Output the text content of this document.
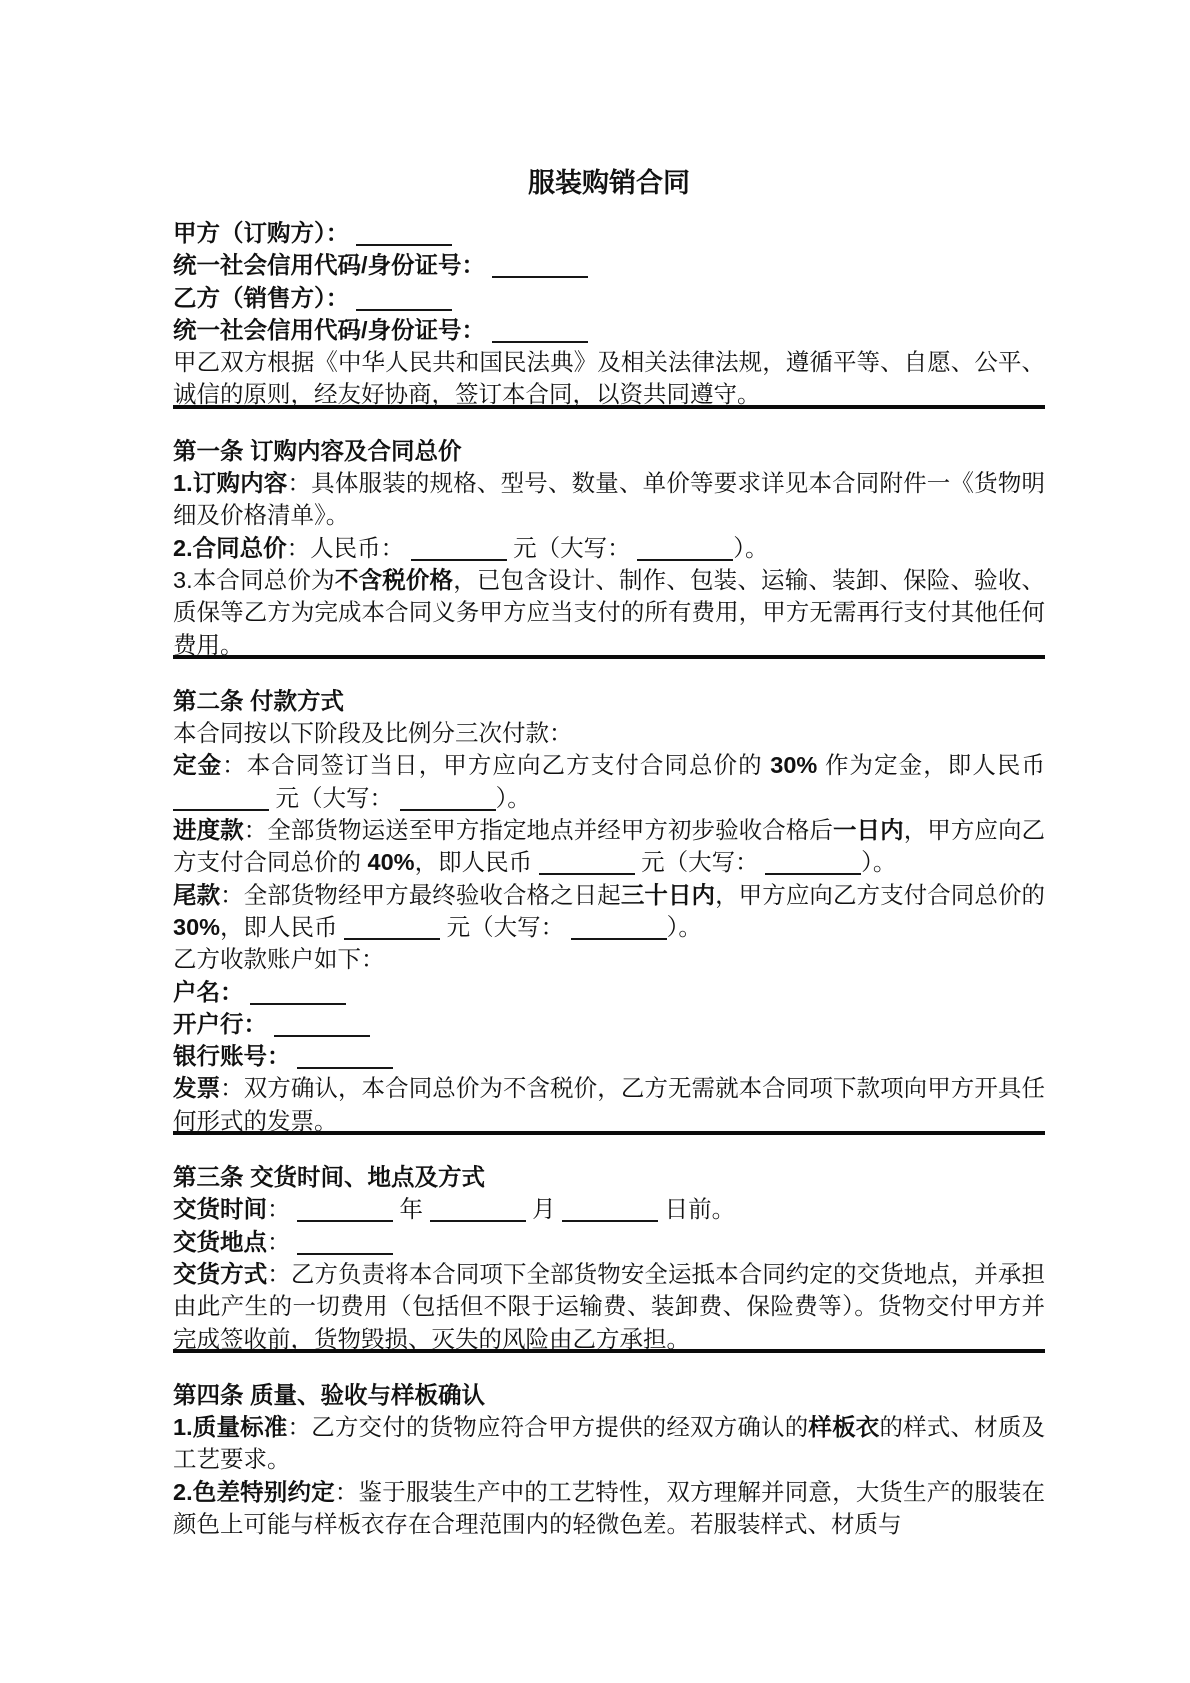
服装购销合同
甲方（订购方）：
统一社会信用代码/身份证号：
乙方（销售方）：
统一社会信用代码/身份证号：
甲乙双方根据《中华人民共和国民法典》及相关法律法规，遵循平等、自愿、公平、诚信的原则，经友好协商，签订本合同，以资共同遵守。
第一条 订购内容及合同总价
1.订购内容：具体服装的规格、型号、数量、单价等要求详见本合同附件一《货物明细及价格清单》。
2.合同总价：人民币：	元（大写：	）。
3.本合同总价为不含税价格，已包含设计、制作、包装、运输、装卸、保险、验收、质保等乙方为完成本合同义务甲方应当支付的所有费用，甲方无需再行支付其他任何费用。
第二条 付款方式
本合同按以下阶段及比例分三次付款：
定金：本合同签订当日，甲方应向乙方支付合同总价的 30% 作为定金，即人民币  元（大写：	）。
进度款：全部货物运送至甲方指定地点并经甲方初步验收合格后一日内，甲方应向乙方支付合同总价的 40%，即人民币	元（大写：	）。
尾款：全部货物经甲方最终验收合格之日起三十日内，甲方应向乙方支付合同总价的 30%，即人民币	元（大写：	）。
乙方收款账户如下：
户名：
开户行：
银行账号：
发票：双方确认，本合同总价为不含税价，乙方无需就本合同项下款项向甲方开具任何形式的发票。
第三条 交货时间、地点及方式
交货时间：	年	月	日前。
交货地点：
交货方式：乙方负责将本合同项下全部货物安全运抵本合同约定的交货地点，并承担由此产生的一切费用（包括但不限于运输费、装卸费、保险费等）。货物交付甲方并完成签收前，货物毁损、灭失的风险由乙方承担。
第四条 质量、验收与样板确认
1.质量标准：乙方交付的货物应符合甲方提供的经双方确认的样板衣的样式、材质及工艺要求。
2.色差特别约定：鉴于服装生产中的工艺特性，双方理解并同意，大货生产的服装在颜色上可能与样板衣存在合理范围内的轻微色差。若服装样式、材质与
